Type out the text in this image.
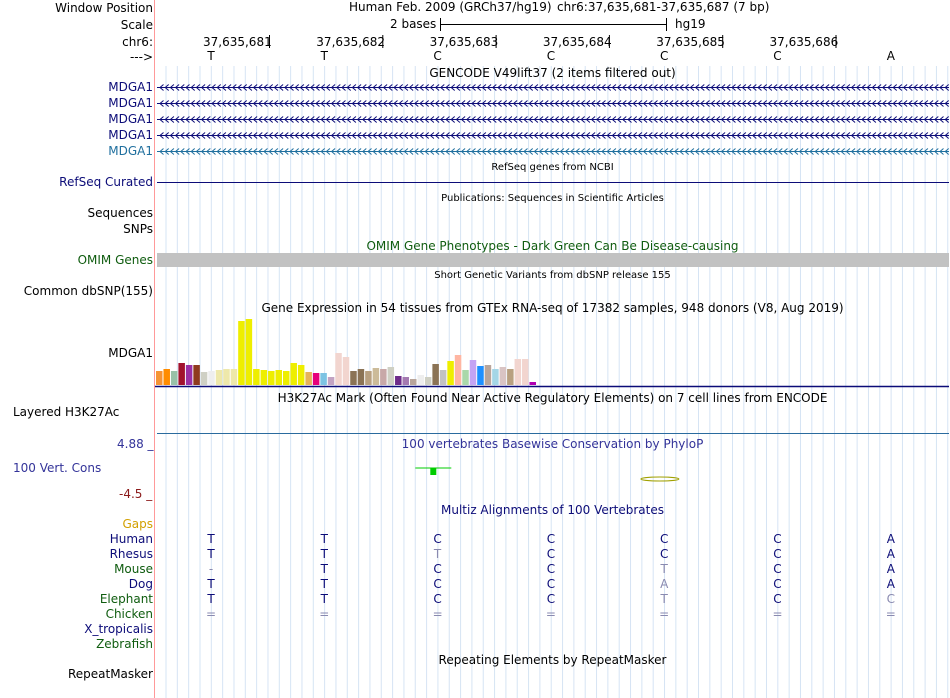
Window Position
Scale
chr6:
--->
Human Feb. 2009 (GRCh37/hg19) chr6:37,635,681-37,635,687 (7 bp)
2 bases	hg19
37,635,681	37,635,682	37,635,683	37,635,684	37,635,685	37,635,686
T	T	C	C	C	C	A
GENCODE V49lift37 (2 items filtered out)
MDGA1
MDGA1
MDGA1
MDGA1
MDGA1
RefSeq genes from NCBI
RefSeq Curated
Publications: Sequences in Scientific Articles
Sequences
SNPs
OMIM Gene Phenotypes - Dark Green Can Be Disease-causing
OMIM Genes
Short Genetic Variants from dbSNP release 155
Common dbSNP(155)
Gene Expression in 54 tissues from GTEx RNA-seq of 17382 samples, 948 donors (V8, Aug 2019)
MDGA1
H3K27Ac Mark (Often Found Near Active Regulatory Elements) on 7 cell lines from ENCODE
Layered H3K27Ac
100 vertebrates Basewise Conservation by PhyloP
4.88 _
100 Vert. Cons
-4.5 _
Multiz Alignments of 100 Vertebrates
Gaps
Human	T	T	C	C	C	C	A
Rhesus	T	T	T	C	C	C	A
Mouse	-	T	C	C	T	C	A
Dog	T	T	C	C	A	C	A
Elephant	T	T	C	C	T	C	C
Chicken	=	=	=	=	=	=	=
X_tropicalis
Zebrafish
Repeating Elements by RepeatMasker
RepeatMasker
